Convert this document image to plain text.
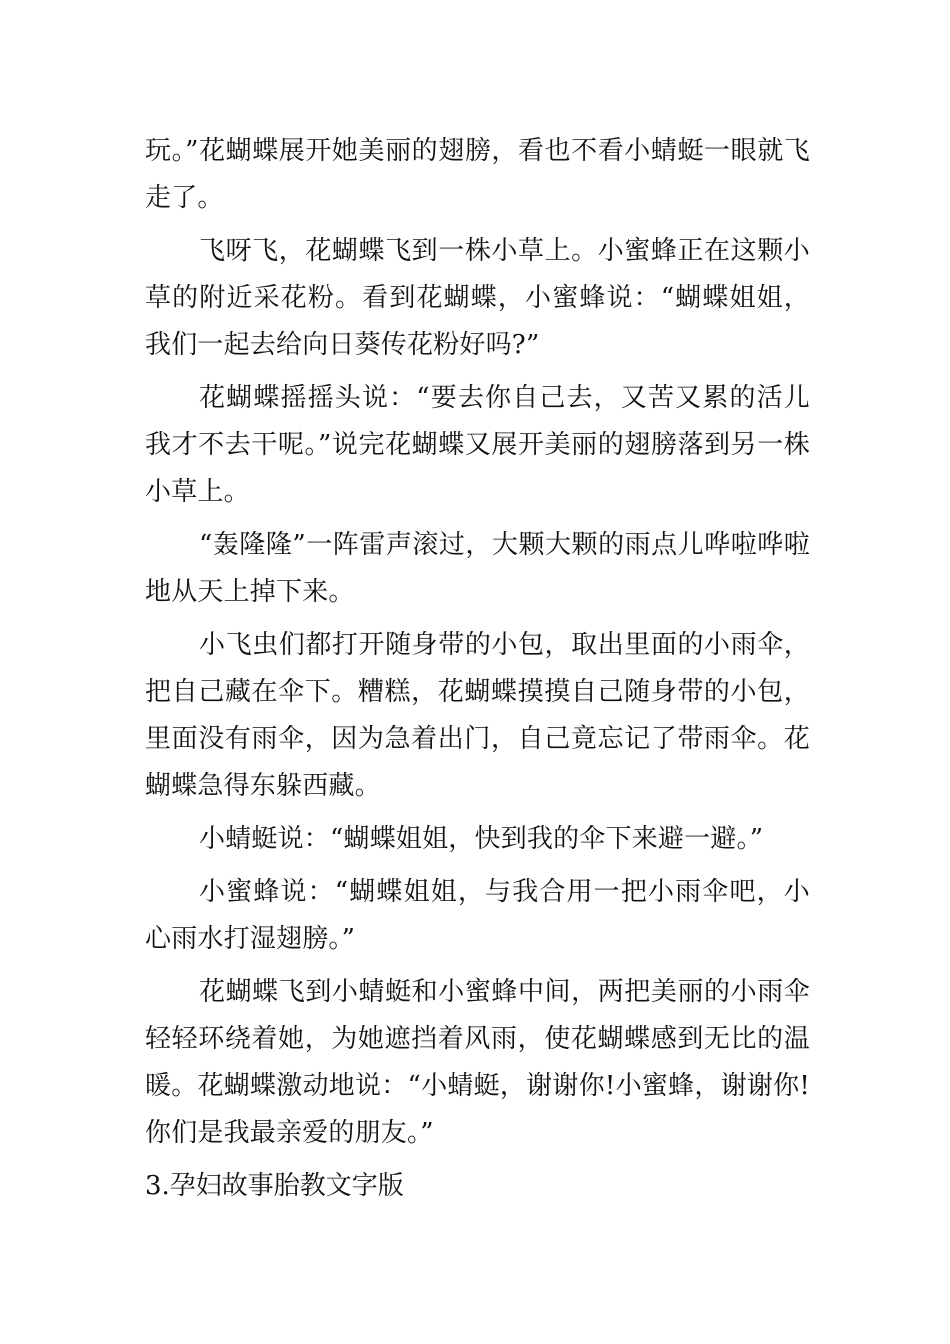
玩。”花蝴蝶展开她美丽的翅膀，看也不看小蜻蜓一眼就飞走了。

飞呀飞，花蝴蝶飞到一株小草上。小蜜蜂正在这颗小草的附近采花粉。看到花蝴蝶，小蜜蜂说：“蝴蝶姐姐，我们一起去给向日葵传花粉好吗?”

花蝴蝶摇摇头说：“要去你自己去，又苦又累的活儿我才不去干呢。”说完花蝴蝶又展开美丽的翅膀落到另一株小草上。

“轰隆隆”一阵雷声滚过，大颗大颗的雨点儿哗啦哗啦地从天上掉下来。

小飞虫们都打开随身带的小包，取出里面的小雨伞，把自己藏在伞下。糟糕，花蝴蝶摸摸自己随身带的小包，里面没有雨伞，因为急着出门，自己竟忘记了带雨伞。花蝴蝶急得东躲西藏。

小蜻蜓说：“蝴蝶姐姐，快到我的伞下来避一避。”

小蜜蜂说：“蝴蝶姐姐，与我合用一把小雨伞吧，小心雨水打湿翅膀。”

花蝴蝶飞到小蜻蜓和小蜜蜂中间，两把美丽的小雨伞轻轻环绕着她，为她遮挡着风雨，使花蝴蝶感到无比的温暖。花蝴蝶激动地说：“小蜻蜓，谢谢你!小蜜蜂，谢谢你!你们是我最亲爱的朋友。”

3.孕妇故事胎教文字版
